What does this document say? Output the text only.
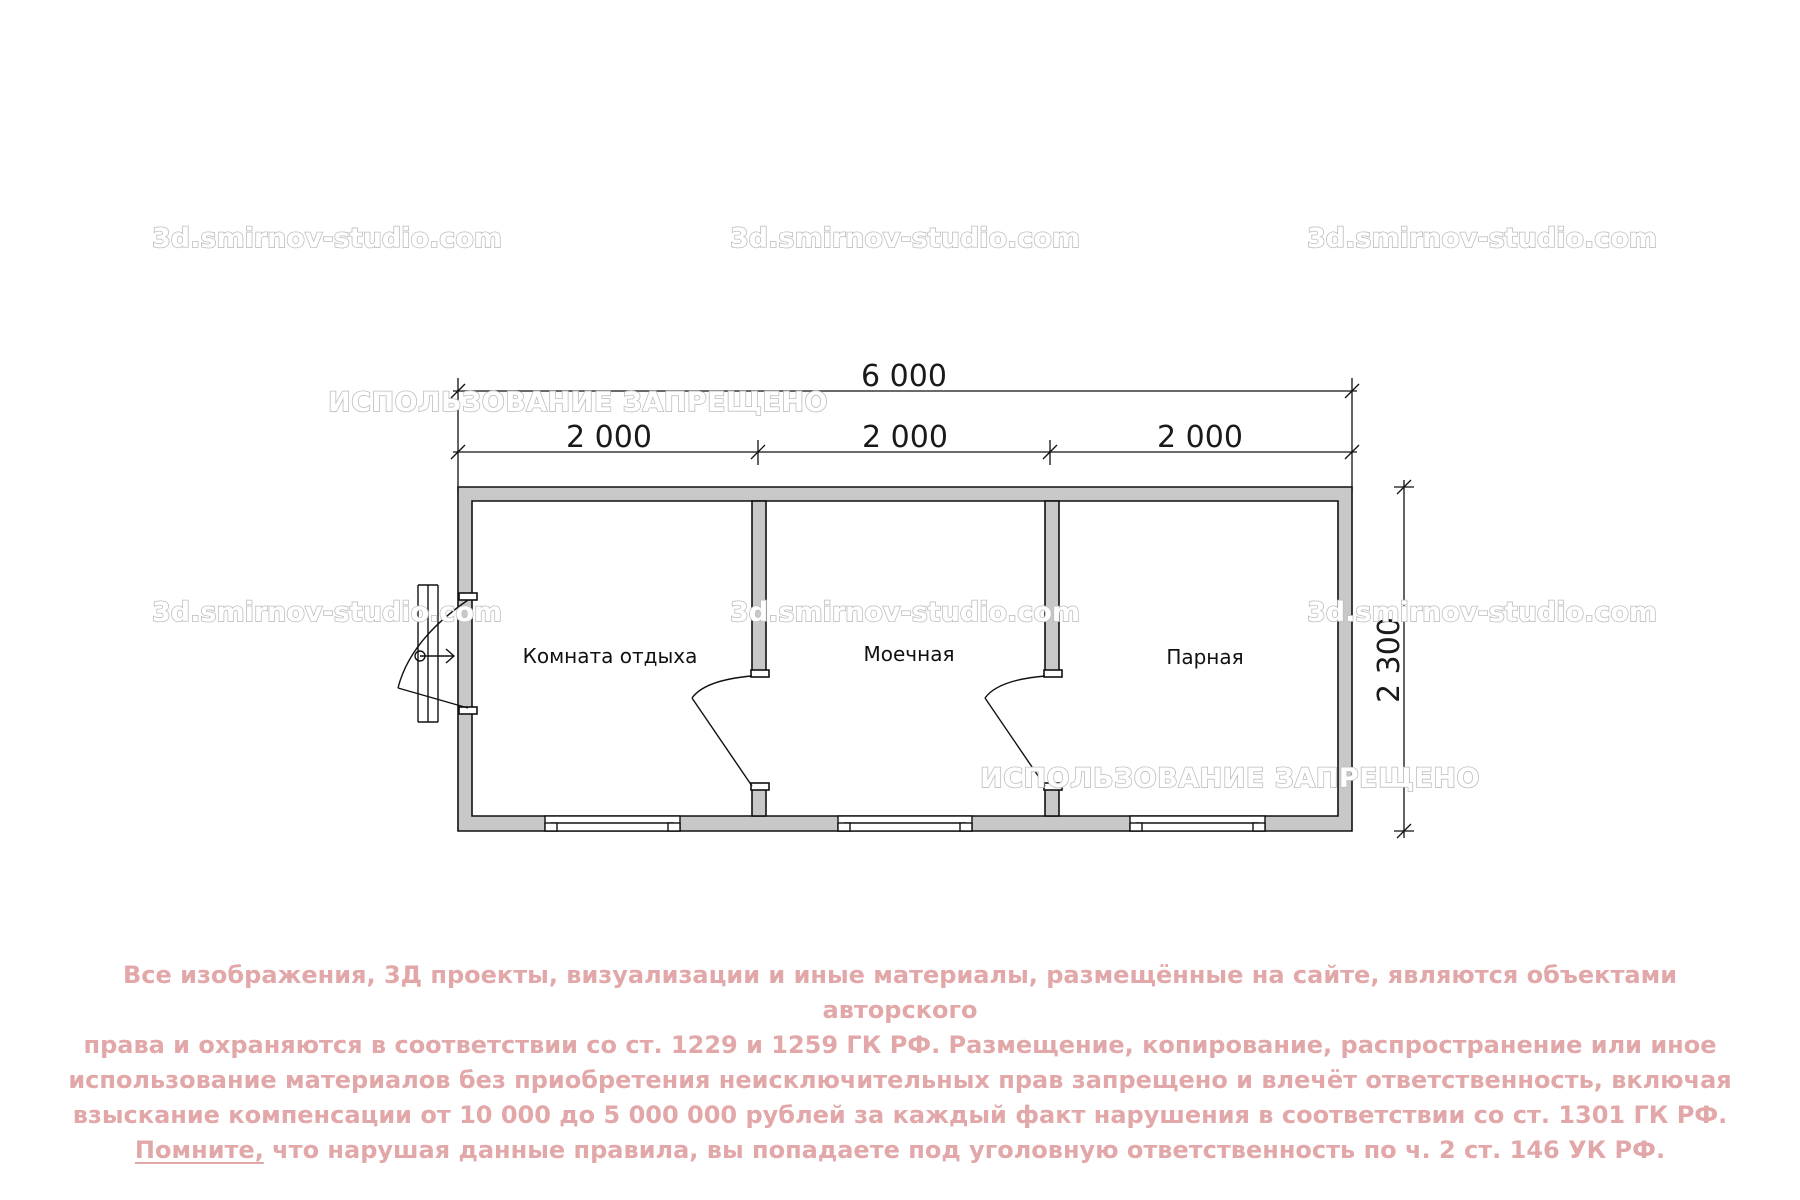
3d.smirnov-studio.com	3d.smirnov-studio.com	3d.smirnov-studio.com
6 000
2 000	2 000	2 000
2 300
Комната отдыха	Моечная	Парная
3d.smirnov-studio.com	3d.smirnov-studio.com	3d.smirnov-studio.com
ИСПОЛЬЗОВАНИЕ ЗАПРЕЩЕНО
ИСПОЛЬЗОВАНИЕ ЗАПРЕЩЕНО
Все изображения, 3Д проекты, визуализации и иные материалы, размещённые на сайте, являются объектами авторского
права и охраняются в соответствии со ст. 1229 и 1259 ГК РФ. Размещение, копирование, распространение или иное
использование материалов без приобретения неисключительных прав запрещено и влечёт ответственность, включая
взыскание компенсации от 10 000 до 5 000 000 рублей за каждый факт нарушения в соответствии со ст. 1301 ГК РФ.
Помните, что нарушая данные правила, вы попадаете под уголовную ответственность по ч. 2 ст. 146 УК РФ.
